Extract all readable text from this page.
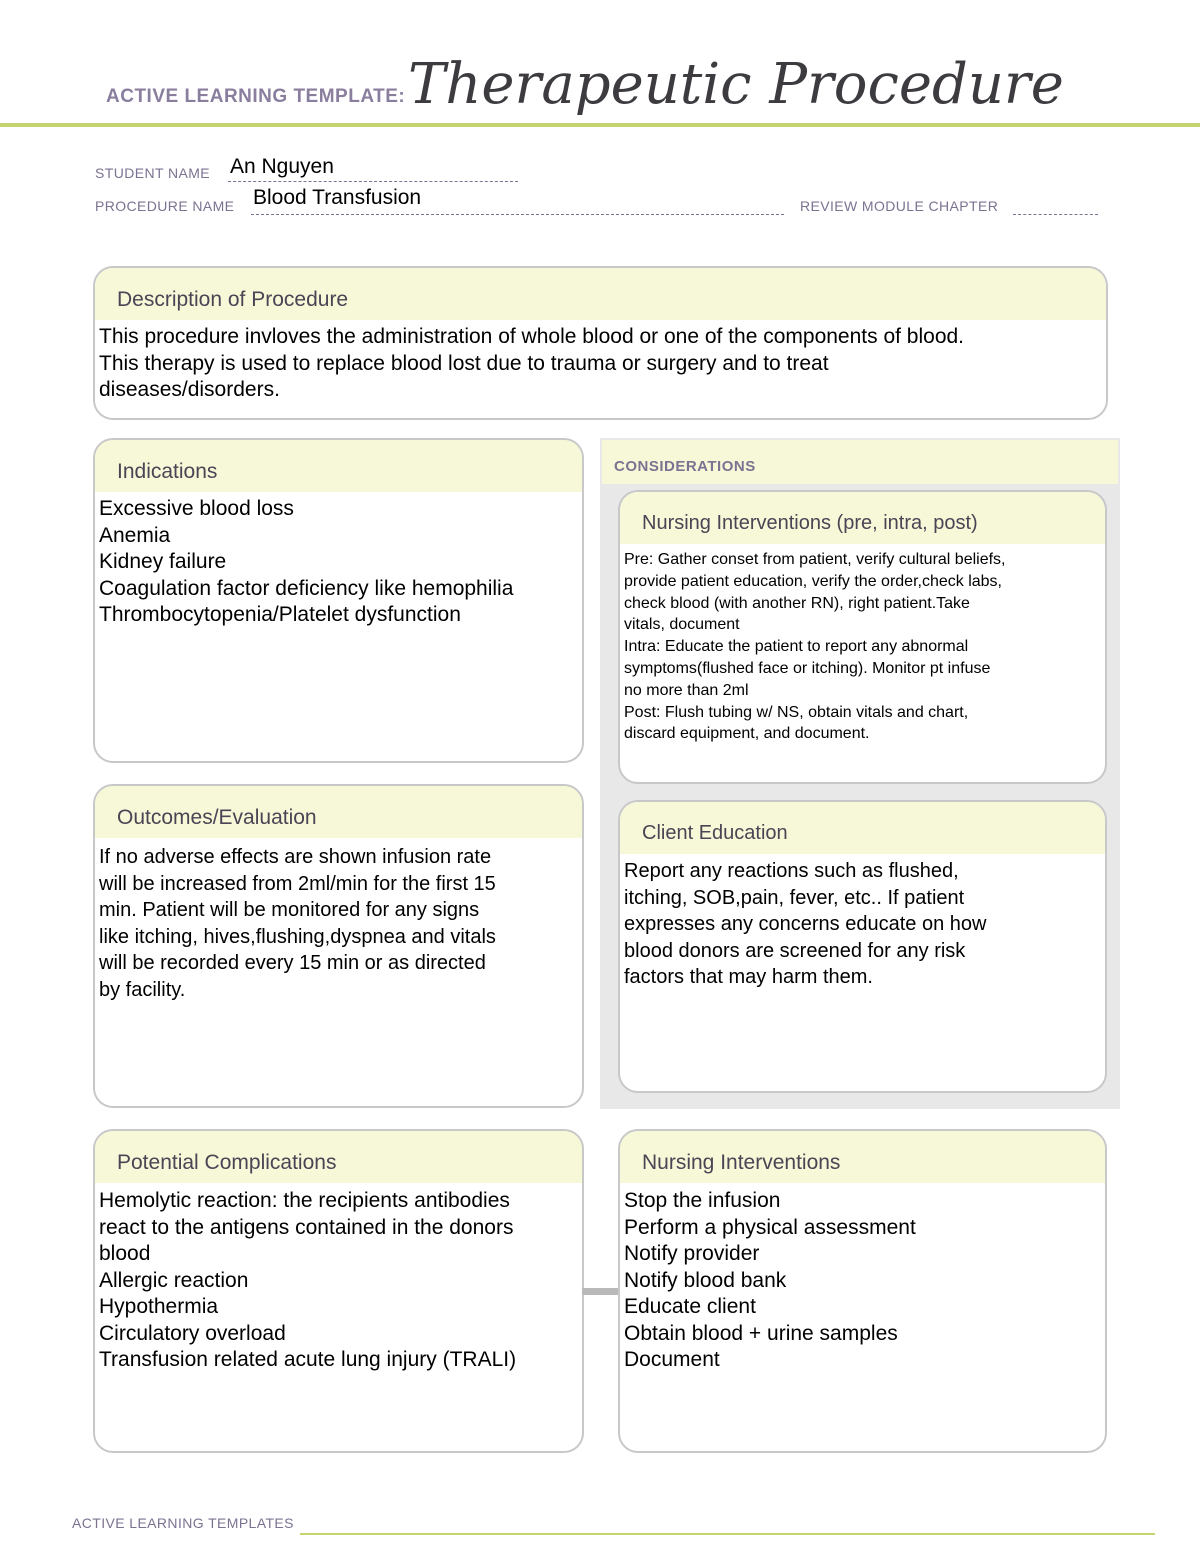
ACTIVE LEARNING TEMPLATE: Therapeutic Procedure
STUDENT NAME An Nguyen
PROCEDURE NAME Blood Transfusion	REVIEW MODULE CHAPTER
Description of Procedure
This procedure invloves the administration of whole blood or one of the components of blood.
This therapy is used to replace blood lost due to trauma or surgery and to treat
diseases/disorders.
Indications
Excessive blood loss
Anemia
Kidney failure
Coagulation factor deficiency like hemophilia
Thrombocytopenia/Platelet dysfunction
CONSIDERATIONS
Nursing Interventions (pre, intra, post)
Pre: Gather conset from patient, verify cultural beliefs,
provide patient education, verify the order,check labs,
check blood (with another RN), right patient.Take
vitals, document
Intra: Educate the patient to report any abnormal
symptoms(flushed face or itching). Monitor pt infuse
no more than 2ml
Post: Flush tubing w/ NS, obtain vitals and chart,
discard equipment, and document.
Client Education
Report any reactions such as flushed,
itching, SOB,pain, fever, etc.. If patient
expresses any concerns educate on how
blood donors are screened for any risk
factors that may harm them.
Outcomes/Evaluation
If no adverse effects are shown infusion rate
will be increased from 2ml/min for the first 15
min. Patient will be monitored for any signs
like itching, hives,flushing,dyspnea and vitals
will be recorded every 15 min or as directed
by facility.
Potential Complications
Hemolytic reaction: the recipients antibodies
react to the antigens contained in the donors
blood
Allergic reaction
Hypothermia
Circulatory overload
Transfusion related acute lung injury (TRALI)
Nursing Interventions
Stop the infusion
Perform a physical assessment
Notify provider
Notify blood bank
Educate client
Obtain blood + urine samples
Document
ACTIVE LEARNING TEMPLATES
